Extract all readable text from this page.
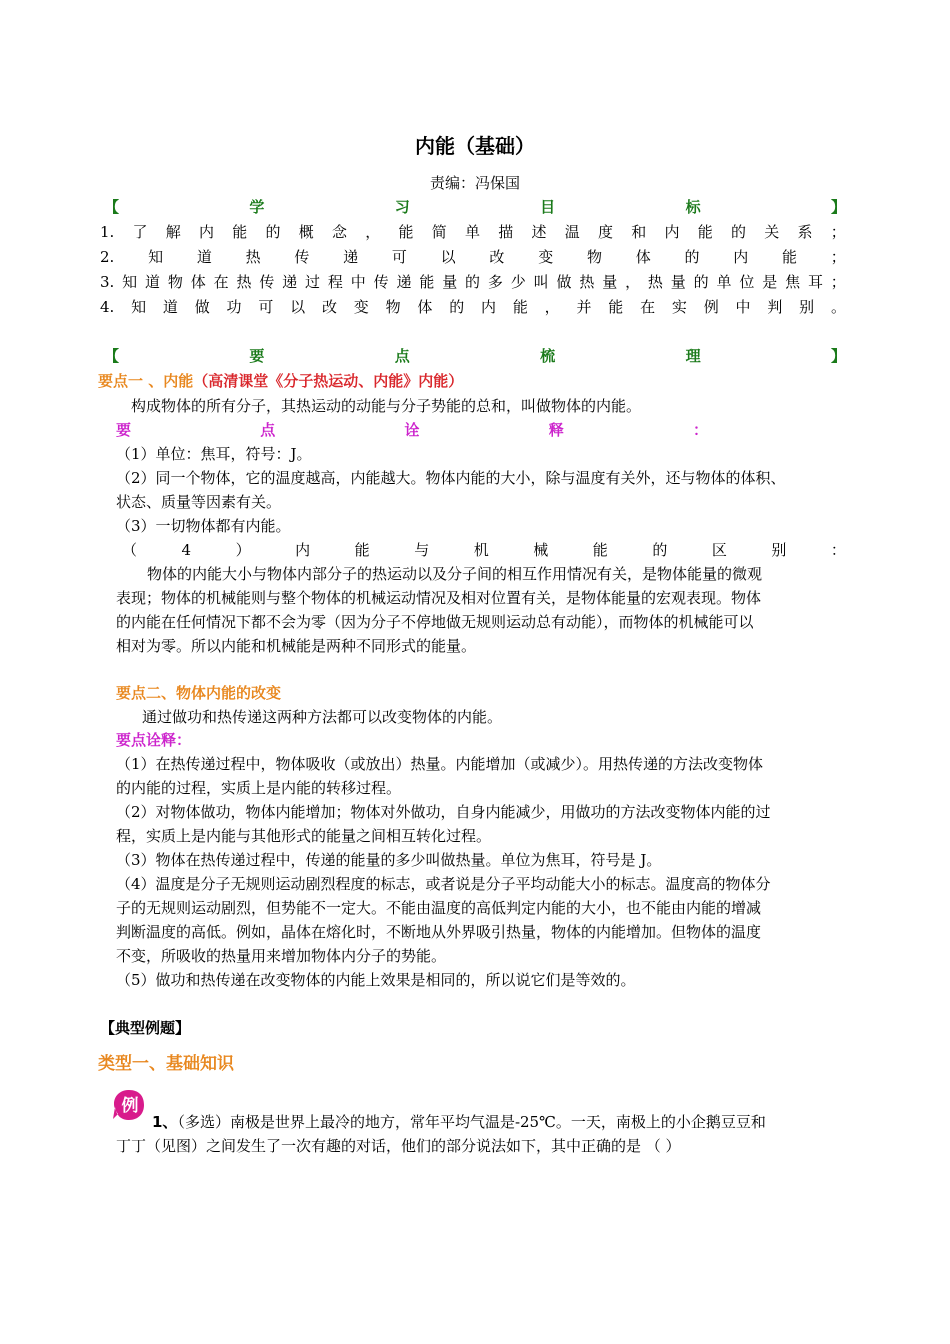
内能（基础）
责编：冯保国
【	学	习	目	标	】
1. 了 解 内 能 的 概 念 ， 能 简 单 描 述 温 度 和 内 能 的 关 系 ；
2. 知 道 热 传 递 可 以 改 变 物 体 的 内 能 ；
3. 知 道 物 体 在 热 传 递 过 程 中 传 递 能 量 的 多 少 叫 做 热 量 ， 热 量 的 单 位 是 焦 耳 ；
4. 知 道 做 功 可 以 改 变 物 体 的 内 能 ， 并 能 在 实 例 中 判 别 。
【	要	点	梳	理	】
要点一 、内能（高清课堂《分子热运动、内能》内能）
构成物体的所有分子，其热运动的动能与分子势能的总和，叫做物体的内能。
要	点	诠	释	：
（1）单位：焦耳，符号：J。
（2）同一个物体，它的温度越高，内能越大。物体内能的大小，除与温度有关外，还与物体的体积、
状态、质量等因素有关。
（3）一切物体都有内能。
（	4	）	内	能	与	机	械	能	的	区	别	：
物体的内能大小与物体内部分子的热运动以及分子间的相互作用情况有关，是物体能量的微观
表现；物体的机械能则与整个物体的机械运动情况及相对位置有关，是物体能量的宏观表现。物体
的内能在任何情况下都不会为零（因为分子不停地做无规则运动总有动能），而物体的机械能可以
相对为零。所以内能和机械能是两种不同形式的能量。
要点二、物体内能的改变
通过做功和热传递这两种方法都可以改变物体的内能。
要点诠释：
（1）在热传递过程中，物体吸收（或放出）热量。内能增加（或减少）。用热传递的方法改变物体
的内能的过程，实质上是内能的转移过程。
（2）对物体做功，物体内能增加；物体对外做功，自身内能减少，用做功的方法改变物体内能的过
程，实质上是内能与其他形式的能量之间相互转化过程。
（3）物体在热传递过程中，传递的能量的多少叫做热量。单位为焦耳，符号是 J。
（4）温度是分子无规则运动剧烈程度的标志，或者说是分子平均动能大小的标志。温度高的物体分
子的无规则运动剧烈，但势能不一定大。不能由温度的高低判定内能的大小，也不能由内能的增减
判断温度的高低。例如，晶体在熔化时，不断地从外界吸引热量，物体的内能增加。但物体的温度
不变，所吸收的热量用来增加物体内分子的势能。
（5）做功和热传递在改变物体的内能上效果是相同的，所以说它们是等效的。
【典型例题】
类型一、基础知识
例
1、（多选）南极是世界上最冷的地方，常年平均气温是-25℃。一天，南极上的小企鹅豆豆和
丁丁（见图）之间发生了一次有趣的对话，他们的部分说法如下，其中正确的是 （ ）
